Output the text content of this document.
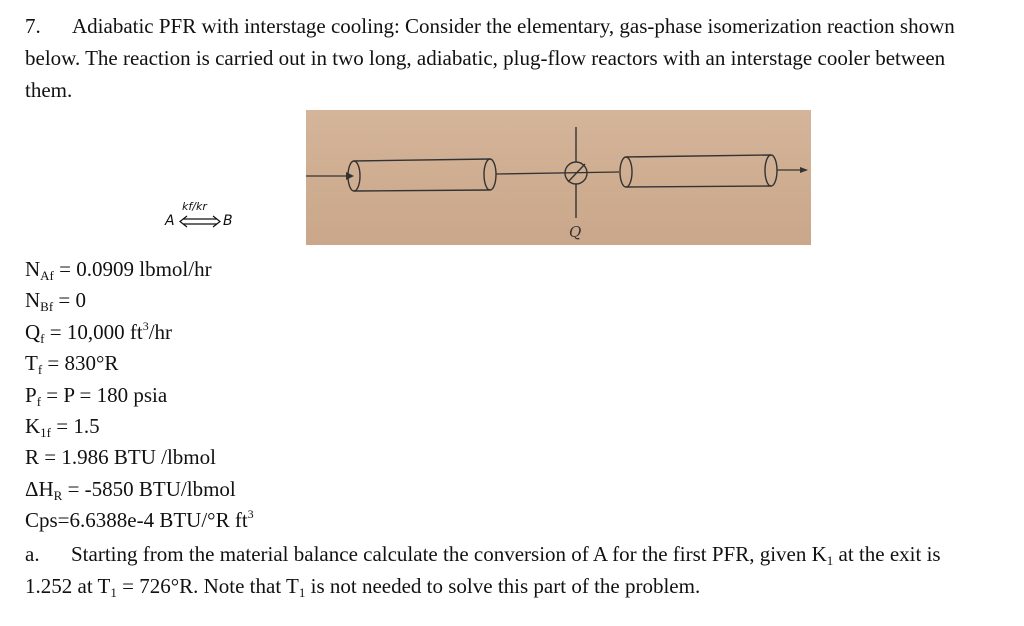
7. Adiabatic PFR with interstage cooling: Consider the elementary, gas-phase isomerization reaction shown below. The reaction is carried out in two long, adiabatic, plug-flow reactors with an interstage cooler between them.
Q
kf/kr
A ⇌ B
$N_{Af} = 0.0909$ lbmol/hr
$N_{Bf} = 0$
$Q_f = 10,000$ $ft^3/hr$
$T_f = 830^\circ R$
$P_f = P = 180$ psia
$K_{1f} = 1.5$
R = 1.986 BTU /lbmol
$\Delta H_R = -5850$ BTU/lbmol
Cps=6.6388e-4 BTU/°R $ft^3$
a. Starting from the material balance calculate the conversion of A for the first PFR, given $K_1$ at the exit is 1.252 at $T_1 = 726^\circ R$. Note that $T_1$ is not needed to solve this part of the problem.
